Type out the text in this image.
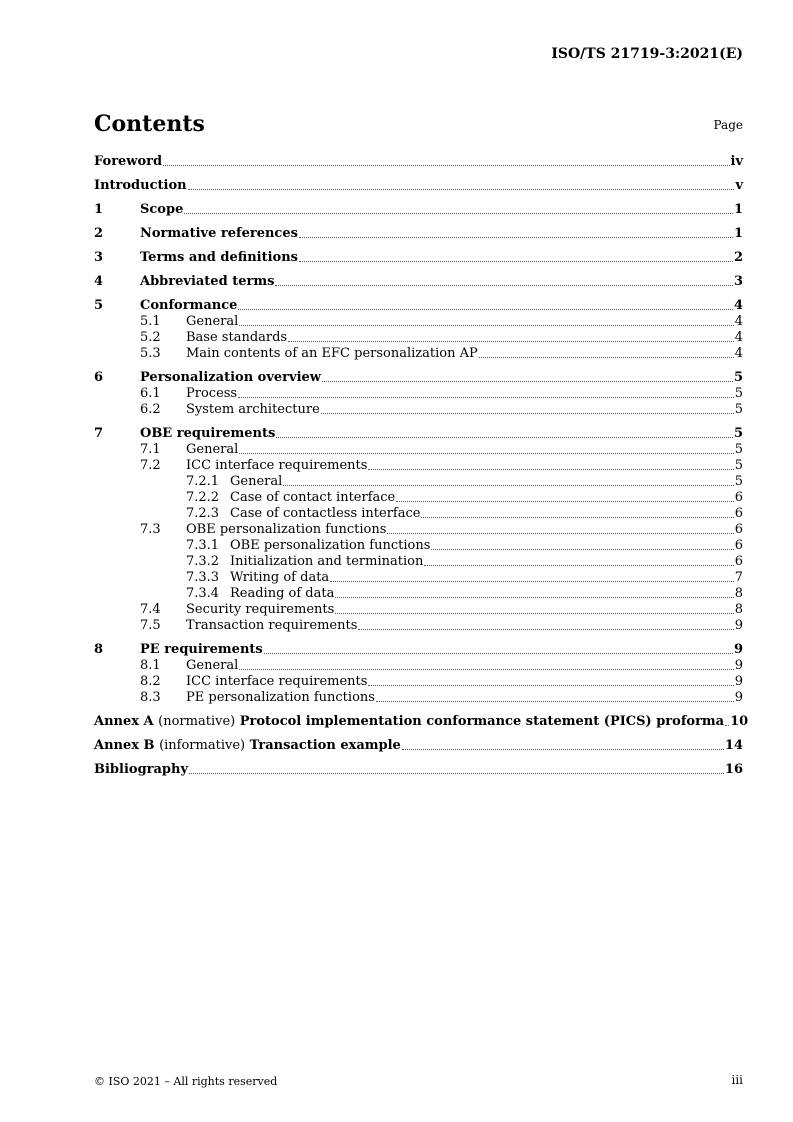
ISO/TS 21719-3:2021(E)
Contents	Page
Foreword	iv
Introduction	v
1	Scope	1
2	Normative references	1
3	Terms and definitions	2
4	Abbreviated terms	3
5	Conformance	4
5.1	General	4
5.2	Base standards	4
5.3	Main contents of an EFC personalization AP	4
6	Personalization overview	5
6.1	Process	5
6.2	System architecture	5
7	OBE requirements	5
7.1	General	5
7.2	ICC interface requirements	5
7.2.1 General	5
7.2.2 Case of contact interface	6
7.2.3 Case of contactless interface	6
7.3	OBE personalization functions	6
7.3.1 OBE personalization functions	6
7.3.2 Initialization and termination	6
7.3.3 Writing of data	7
7.3.4 Reading of data	8
7.4	Security requirements	8
7.5	Transaction requirements	9
8	PE requirements	9
8.1	General	9
8.2	ICC interface requirements	9
8.3	PE personalization functions	9
Annex A (normative) Protocol implementation conformance statement (PICS) proforma 10
Annex B (informative) Transaction example	14
Bibliography	16
© ISO 2021 – All rights reserved	iii
